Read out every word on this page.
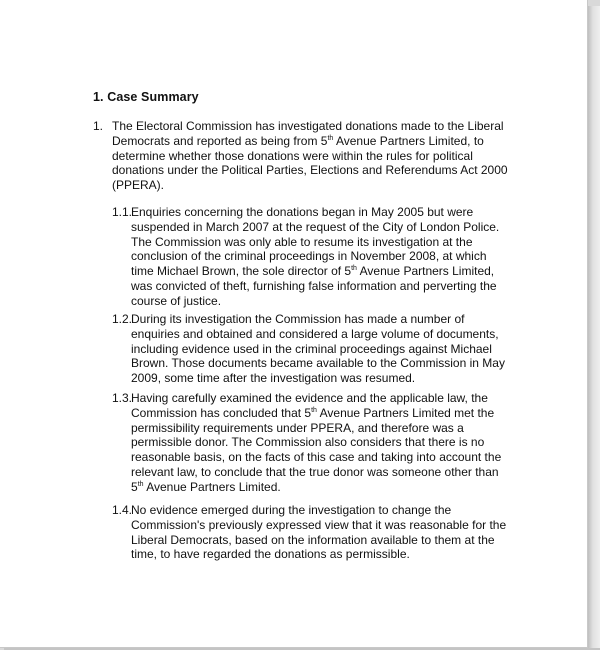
1. Case Summary
1. The Electoral Commission has investigated donations made to the Liberal
Democrats and reported as being from 5th Avenue Partners Limited, to
determine whether those donations were within the rules for political
donations under the Political Parties, Elections and Referendums Act 2000
(PPERA).
1.1.
Enquiries concerning the donations began in May 2005 but were
suspended in March 2007 at the request of the City of London Police.
The Commission was only able to resume its investigation at the
conclusion of the criminal proceedings in November 2008, at which
time Michael Brown, the sole director of 5th Avenue Partners Limited,
was convicted of theft, furnishing false information and perverting the
course of justice.
1.2.
During its investigation the Commission has made a number of
enquiries and obtained and considered a large volume of documents,
including evidence used in the criminal proceedings against Michael
Brown. Those documents became available to the Commission in May
2009, some time after the investigation was resumed.
1.3.
Having carefully examined the evidence and the applicable law, the
Commission has concluded that 5th Avenue Partners Limited met the
permissibility requirements under PPERA, and therefore was a
permissible donor. The Commission also considers that there is no
reasonable basis, on the facts of this case and taking into account the
relevant law, to conclude that the true donor was someone other than
5th Avenue Partners Limited.
1.4.
No evidence emerged during the investigation to change the
Commission's previously expressed view that it was reasonable for the
Liberal Democrats, based on the information available to them at the
time, to have regarded the donations as permissible.
